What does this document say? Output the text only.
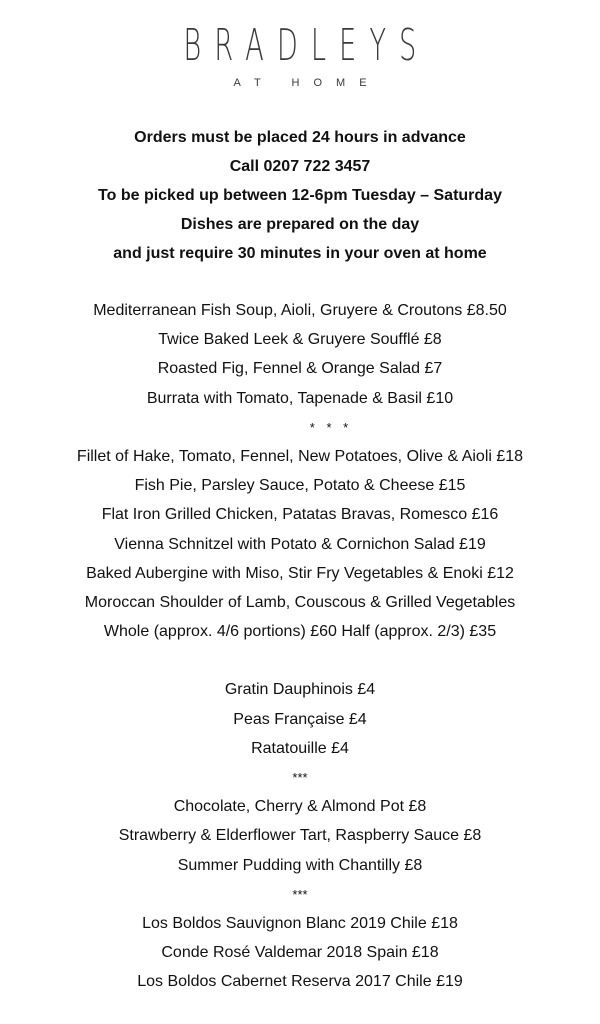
BRADLEYS
AT HOME
Orders must be placed 24 hours in advance
Call 0207 722 3457
To be picked up between 12-6pm Tuesday – Saturday
Dishes are prepared on the day
and just require 30 minutes in your oven at home
Mediterranean Fish Soup, Aioli, Gruyere & Croutons £8.50
Twice Baked Leek & Gruyere Soufflé £8
Roasted Fig, Fennel & Orange Salad £7
Burrata with Tomato, Tapenade & Basil £10
* * *
Fillet of Hake, Tomato, Fennel, New Potatoes, Olive & Aioli £18
Fish Pie, Parsley Sauce, Potato & Cheese £15
Flat Iron Grilled Chicken, Patatas Bravas, Romesco £16
Vienna Schnitzel with Potato & Cornichon Salad £19
Baked Aubergine with Miso, Stir Fry Vegetables & Enoki £12
Moroccan Shoulder of Lamb, Couscous & Grilled Vegetables
Whole (approx. 4/6 portions) £60 Half (approx. 2/3) £35
Gratin Dauphinois £4
Peas Française £4
Ratatouille £4
***
Chocolate, Cherry & Almond Pot £8
Strawberry & Elderflower Tart, Raspberry Sauce £8
Summer Pudding with Chantilly £8
***
Los Boldos Sauvignon Blanc 2019 Chile £18
Conde Rosé Valdemar 2018 Spain £18
Los Boldos Cabernet Reserva 2017 Chile £19
